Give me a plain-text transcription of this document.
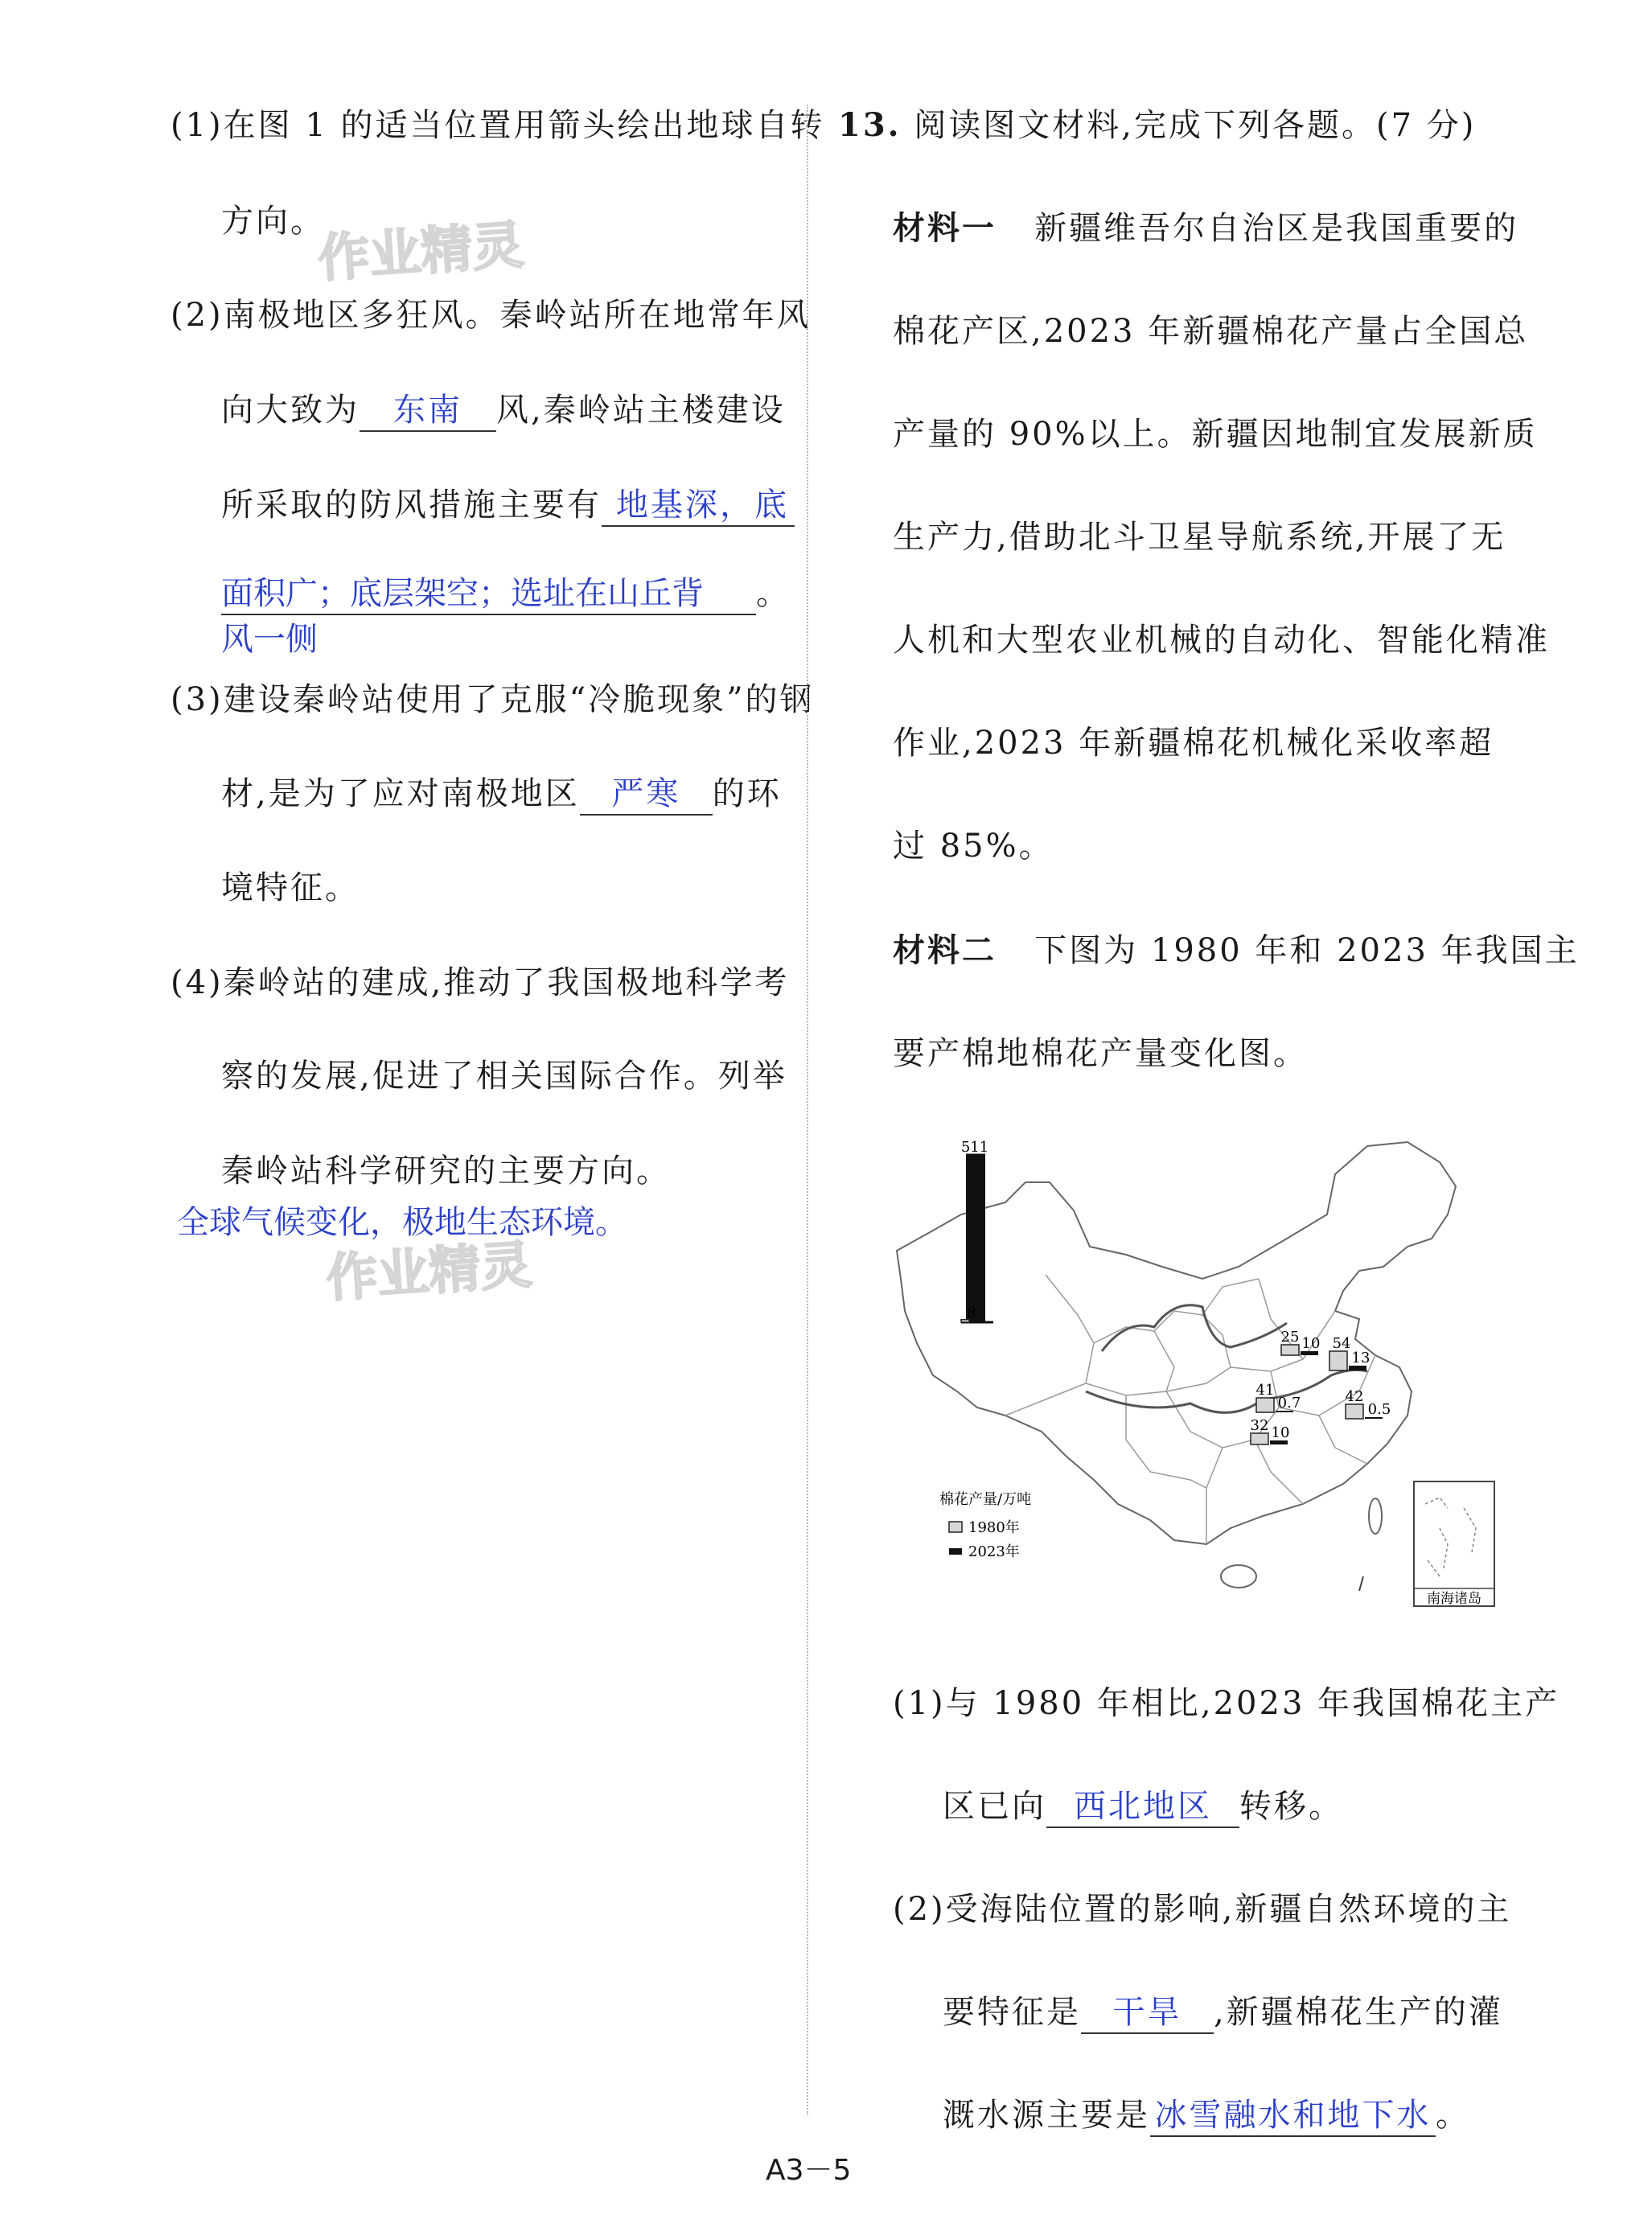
(1)在图 1 的适当位置用箭头绘出地球自转
方向。
(2)南极地区多狂风。秦岭站所在地常年风
向大致为 东南 风,秦岭站主楼建设
所采取的防风措施主要有 地基深，底
面积广；底层架空；选址在山丘背 。
风一侧
(3)建设秦岭站使用了克服“冷脆现象”的钢
材,是为了应对南极地区 严寒 的环
境特征。
(4)秦岭站的建成,推动了我国极地科学考
察的发展,促进了相关国际合作。列举
秦岭站科学研究的主要方向。
全球气候变化，极地生态环境。
作业精灵
作业精灵
13. 阅读图文材料,完成下列各题。(7 分)
材料一 新疆维吾尔自治区是我国重要的
棉花产区,2023 年新疆棉花产量占全国总
产量的 90%以上。新疆因地制宜发展新质
生产力,借助北斗卫星导航系统,开展了无
人机和大型农业机械的自动化、智能化精准
作业,2023 年新疆棉花机械化采收率超
过 85%。
材料二 下图为 1980 年和 2023 年我国主
要产棉地棉花产量变化图。
511
8
25 10 54
13
41
0.7	42
0.5
32 10
棉花产量/万吨
1980年
2023年
南海诸岛
(1)与 1980 年相比,2023 年我国棉花主产
区已向 西北地区 转移。
(2)受海陆位置的影响,新疆自然环境的主
要特征是 干旱 ,新疆棉花生产的灌
溉水源主要是 冰雪融水和地下水 。
A3－5
